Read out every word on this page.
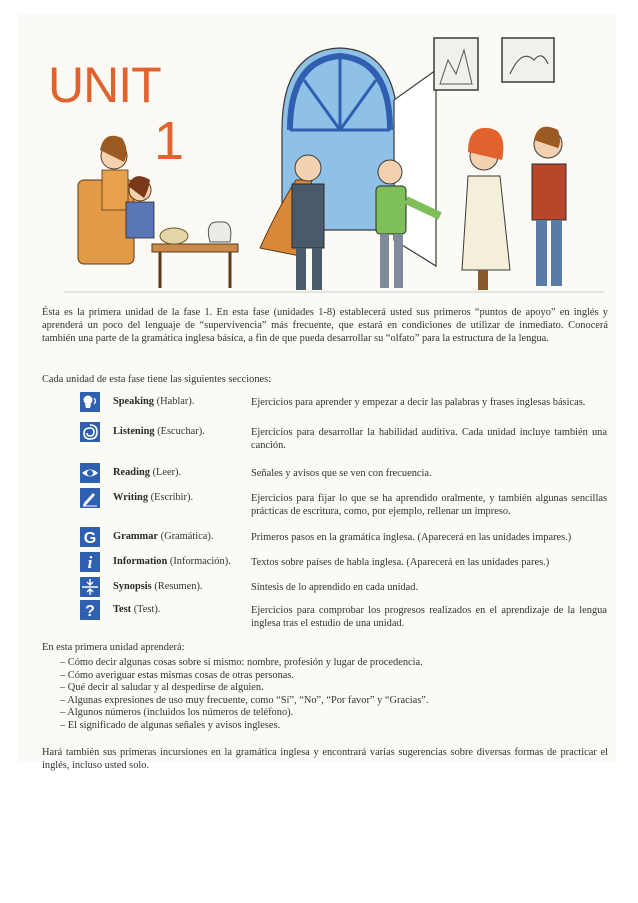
UNIT
1

Ésta es la primera unidad de la fase 1. En esta fase (unidades 1-8) establecerá usted sus primeros “puntos de apoyo” en inglés y aprenderá un poco del lenguaje de “supervivencia” más frecuente, que estará en condiciones de utilizar de inmediato. Conocerá también una parte de la gramática inglesa básica, a fin de que pueda desarrollar su “olfato” para la estructura de la lengua.

Cada unidad de esta fase tiene las siguientes secciones:

Speaking (Hablar).	Ejercicios para aprender y empezar a decir las palabras y frases inglesas básicas.
Listening (Escuchar).	Ejercicios para desarrollar la habilidad auditiva. Cada unidad incluye también una canción.
Reading (Leer).	Señales y avisos que se ven con frecuencia.
Writing (Escribir).	Ejercicios para fijar lo que se ha aprendido oralmente, y también algunas sencillas prácticas de escritura, como, por ejemplo, rellenar un impreso.
G Grammar (Gramática).	Primeros pasos en la gramática inglesa. (Aparecerá en las unidades impares.)
i Information (Información). Textos sobre países de habla inglesa. (Aparecerá en las unidades pares.)
Synopsis (Resumen).	Síntesis de lo aprendido en cada unidad.
? Test (Test).	Ejercicios para comprobar los progresos realizados en el aprendizaje de la lengua inglesa tras el estudio de una unidad.

En esta primera unidad aprenderá:

– Cómo decir algunas cosas sobre sí mismo: nombre, profesión y lugar de procedencia.
– Cómo averiguar estas mismas cosas de otras personas.
– Qué decir al saludar y al despedirse de alguien.
– Algunas expresiones de uso muy frecuente, como “Sí”, “No”, “Por favor” y “Gracias”.
– Algunos números (incluidos los números de teléfono).
– El significado de algunas señales y avisos ingleses.

Hará también sus primeras incursiones en la gramática inglesa y encontrará varias sugerencias sobre diversas formas de practicar el inglés, incluso usted solo.
